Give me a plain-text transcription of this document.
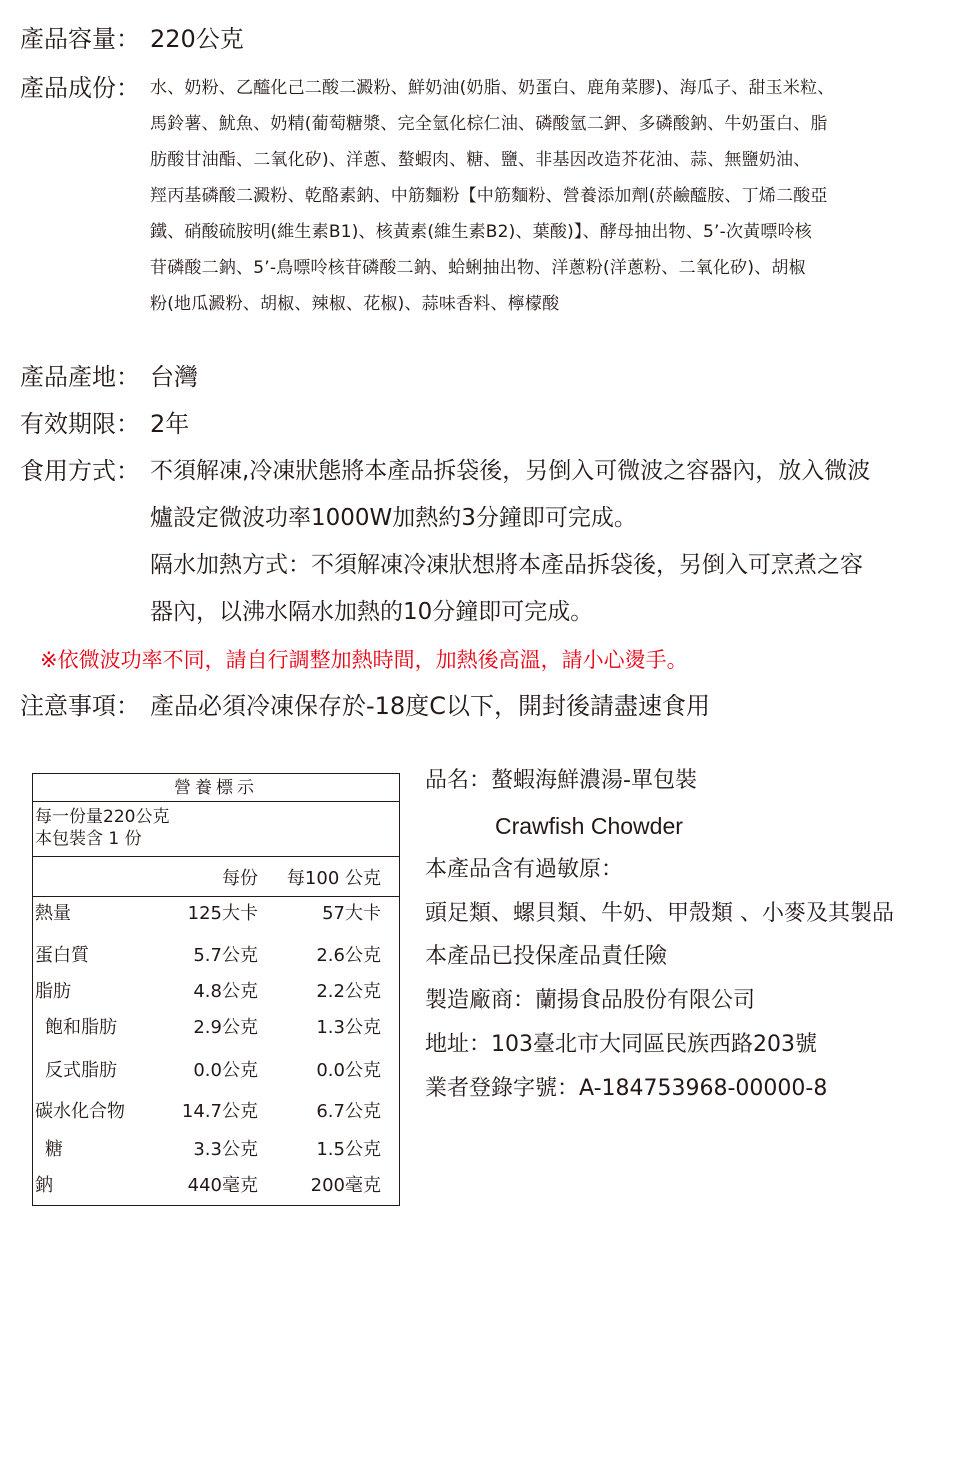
產品容量： 220公克
產品成份： 水、奶粉、乙醯化己二酸二澱粉、鮮奶油(奶脂、奶蛋白、鹿角菜膠)、海瓜子、甜玉米粒、
馬鈴薯、魷魚、奶精(葡萄糖漿、完全氫化棕仁油、磷酸氫二鉀、多磷酸鈉、牛奶蛋白、脂
肪酸甘油酯、二氧化矽)、洋蔥、螯蝦肉、糖、鹽、非基因改造芥花油、蒜、無鹽奶油、
羥丙基磷酸二澱粉、乾酪素鈉、中筋麵粉【中筋麵粉、營養添加劑(菸鹼醯胺、丁烯二酸亞
鐵、硝酸硫胺明(維生素B1)、核黃素(維生素B2)、葉酸)】、酵母抽出物、5’-次黃嘌呤核
苷磷酸二鈉、5’-鳥嘌呤核苷磷酸二鈉、蛤蜊抽出物、洋蔥粉(洋蔥粉、二氧化矽)、胡椒
粉(地瓜澱粉、胡椒、辣椒、花椒)、蒜味香料、檸檬酸
產品產地： 台灣
有效期限： 2年
食用方式： 不須解凍,冷凍狀態將本產品拆袋後，另倒入可微波之容器內，放入微波
爐設定微波功率1000W加熱約3分鐘即可完成。
隔水加熱方式：不須解凍冷凍狀想將本產品拆袋後，另倒入可烹煮之容
器內，以沸水隔水加熱的10分鐘即可完成。
※依微波功率不同，請自行調整加熱時間，加熱後高溫，請小心燙手。
注意事項： 產品必須冷凍保存於-18度C以下，開封後請盡速食用
營養標示
每一份量220公克
本包裝含 1 份
每份 每100 公克
熱量	125大卡	57大卡
蛋白質	5.7公克	2.6公克
脂肪	4.8公克	2.2公克
飽和脂肪	2.9公克	1.3公克
反式脂肪	0.0公克	0.0公克
碳水化合物	14.7公克	6.7公克
糖	3.3公克	1.5公克
鈉	440毫克	200毫克
品名：螯蝦海鮮濃湯-單包裝
Crawfish Chowder
本產品含有過敏原：
頭足類、螺貝類、牛奶、甲殼類 、小麥及其製品
本產品已投保產品責任險
製造廠商：蘭揚食品股份有限公司
地址：103臺北市大同區民族西路203號
業者登錄字號：A-184753968-00000-8
